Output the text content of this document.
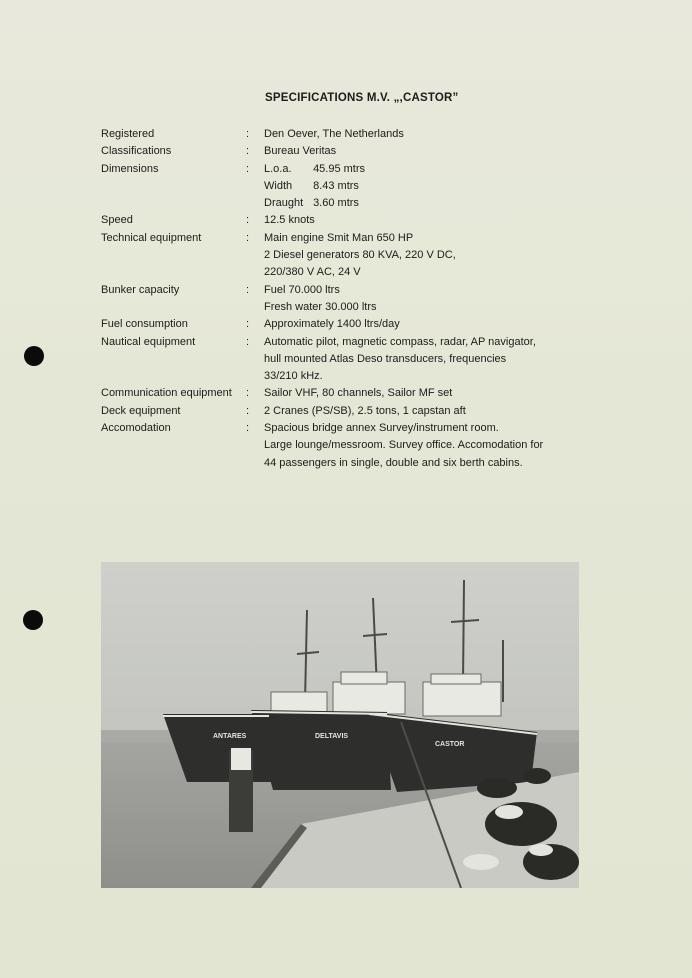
SPECIFICATIONS M.V. „,CASTOR”
Registered	:	Den Oever, The Netherlands
Classifications	:	Bureau Veritas
Dimensions	:	L.o.a. 45.95 mtrs
Width 8.43 mtrs
Draught 3.60 mtrs
Speed	:	12.5 knots
Technical equipment	:	Main engine Smit Man 650 HP
2 Diesel generators 80 KVA, 220 V DC,
220/380 V AC, 24 V
Bunker capacity	:	Fuel 70.000 ltrs
Fresh water 30.000 ltrs
Fuel consumption	:	Approximately 1400 ltrs/day
Nautical equipment	:	Automatic pilot, magnetic compass, radar, AP navigator,
hull mounted Atlas Deso transducers, frequencies
33/210 kHz.
Communication equipment	:	Sailor VHF, 80 channels, Sailor MF set
Deck equipment	:	2 Cranes (PS/SB), 2.5 tons, 1 capstan aft
Accomodation	:	Spacious bridge annex Survey/instrument room.
Large lounge/messroom. Survey office. Accomodation for
44 passengers in single, double and six berth cabins.
ANTARES	DELTAVIS
CASTOR
